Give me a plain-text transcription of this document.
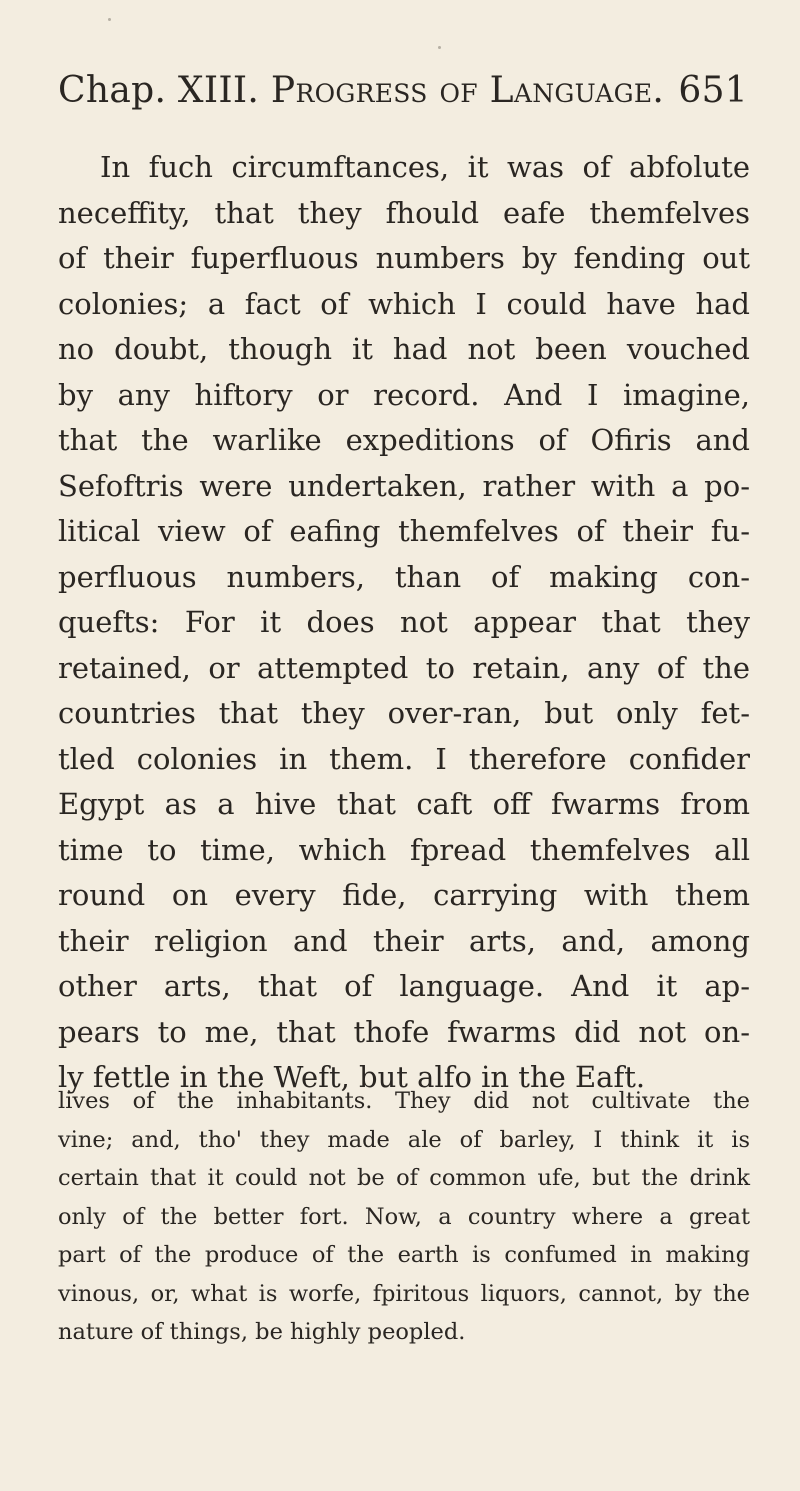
Chap. XIII. Progress of Language. 651
In fuch circumftances, it was of abfolute
neceffity, that they fhould eafe themfelves
of their fuperfluous numbers by fending out
colonies; a fact of which I could have had
no doubt, though it had not been vouched
by any hiftory or record. And I imagine,
that the warlike expeditions of Ofiris and
Sefoftris were undertaken, rather with a po-
litical view of eafing themfelves of their fu-
perfluous numbers, than of making con-
quefts: For it does not appear that they
retained, or attempted to retain, any of the
countries that they over-ran, but only fet-
tled colonies in them. I therefore confider
Egypt as a hive that caft off fwarms from
time to time, which fpread themfelves all
round on every fide, carrying with them
their religion and their arts, and, among
other arts, that of language. And it ap-
pears to me, that thofe fwarms did not on-
ly fettle in the Weft, but alfo in the Eaft.
lives of the inhabitants. They did not cultivate the
vine; and, tho' they made ale of barley, I think it is
certain that it could not be of common ufe, but the drink
only of the better fort. Now, a country where a great
part of the produce of the earth is confumed in making
vinous, or, what is worfe, fpiritous liquors, cannot, by the
nature of things, be highly peopled.
